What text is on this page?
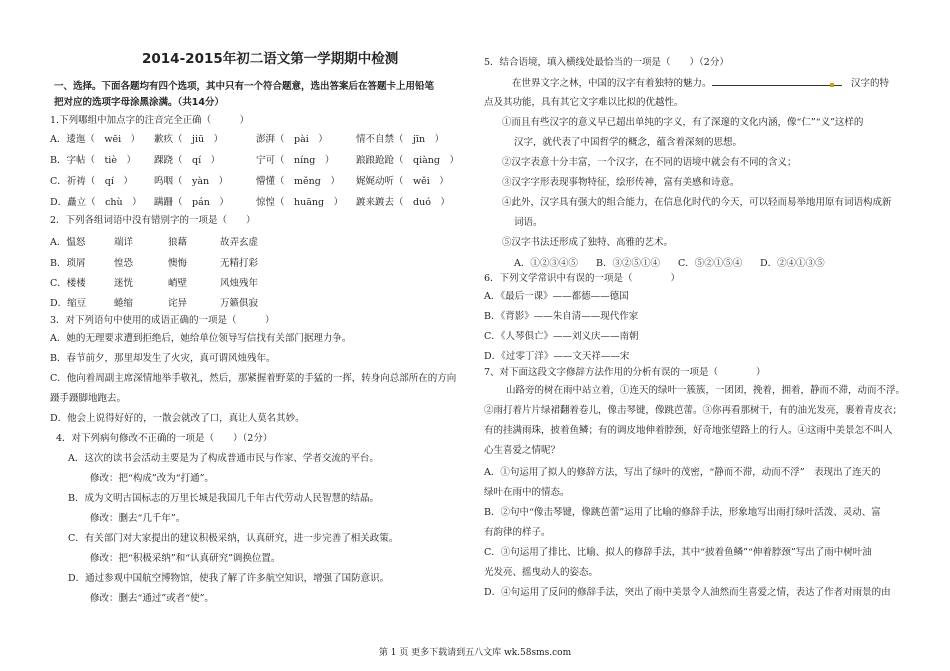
2014-2015年初二语文第一学期期中检测
一、选择。下面各题均有四个选项，其中只有一个符合题意，选出答案后在答题卡上用铅笔
把对应的选项字母涂黑涂满。（共14分）
1.下列哪组中加点字的注音完全正确（　　　）
A．逶迤（　wēi　） 歉疚（　jiū　）	澎湃（　pài　）	情不自禁（　jīn　）
B．字帖（　tiè　） 踝跷（　qí　）	宁可（　níng　） 踉踉跄跄（　qiàng　）
C．祈祷（　qí　） 呜咽（　yàn　）	懵懂（　měng　） 娓娓动听（　wěi　）
D．矗立（　chù　） 蹒跚（　pán　）	惊惶（　huāng　） 踱来踱去（　duó　）
2．下列各组词语中没有错别字的一项是（　　）
A．愠怒	端详	狼藉	故弄玄虚
B．琐屑	惶恐	懊悔	无精打彩
C．楼楼	迷恍	峭壁	风烛残年
D．缩豆	蜷缩	诧异	万籁俱寂
3．对下列语句中使用的成语正确的一项是（　　　）
A．她的无理要求遭到拒绝后，她给单位领导写信找有关部门据理力争。
B．春节前夕，那里却发生了火灾，真可谓风烛残年。
C．他向着周副主席深情地举手敬礼，然后，那紧握着野菜的手猛的一挥，转身向总部所在的方向
蹑手蹑脚地跑去。
D．他会上说得好好的，一散会就改了口，真让人莫名其妙。
4．对下列病句修改不正确的一项是（　　）（2分）
A．这次的读书会活动主要是为了构成普通市民与作家、学者交流的平台。
修改：把“构成”改为“打通”。
B．成为文明古国标志的万里长城是我国几千年古代劳动人民智慧的结晶。
修改：删去“几千年”。
C．有关部门对大家提出的建议积极采纳，认真研究，进一步完善了相关政策。
修改：把“积极采纳”和“认真研究”调换位置。
D．通过参观中国航空博物馆，使我了解了许多航空知识，增强了国防意识。
修改：删去“通过”或者“使”。
5．结合语境，填入横线处最恰当的一项是（　　）（2分）
在世界文字之林，中国的汉字有着独特的魅力。
　	汉字的特
点及其功能，具有其它文字难以比拟的优越性。
①而且有些汉字的意义早已超出单纯的字义，有了深邃的文化内涵，像“仁”“义”这样的
汉字，就代表了中国哲学的概念，蕴含着深刻的思想。
②汉字表意十分丰富，一个汉字，在不同的语境中就会有不同的含义；
③汉字字形表现事物特征，绘形传神，富有美感和诗意。
④此外，汉字具有强大的组合能力，在信息化时代的今天，可以轻而易举地用原有词语构成新
词语。
⑤汉字书法还形成了独特、高雅的艺术。
A．①②③④⑤ B．③②⑤①④ C．⑤②①⑤④ D．②④①③⑤
6．下列文学常识中有误的一项是（　　　　）
A．《最后一课》——都德——德国
B．《背影》——朱自清——现代作家
C．《人琴俱亡》——刘义庆——南朝
D．《过零丁洋》——文天祥——宋
7、对下面这段文字修辞方法作用的分析有误的一项是（　　　　）
山路旁的树在雨中站立着，①连天的绿叶一簇簇，一团团，挽着，拥着，静而不滞，动而不浮。
②雨打着片片绿裙翻着卷儿，像击琴键，像跳芭蕾。③你再看那树干，有的油光发亮，裹着青皮衣；
有的挂满雨珠，披着鱼鳞；有的调皮地伸着脖颈，好奇地张望路上的行人。④这雨中美景怎不叫人
心生喜爱之情呢？
A．①句运用了拟人的修辞方法，写出了绿叶的茂密，“静而不滞，动而不浮”　表现出了连天的
绿叶在雨中的情态。
B．②句中“像击琴键，像跳芭蕾”运用了比喻的修辞手法，形象地写出雨打绿叶活泼、灵动、富
有韵律的样子。
C．③句运用了排比、比喻、拟人的修辞手法，其中“披着鱼鳞”“伸着脖颈”写出了雨中树叶油
光发亮、摇曳动人的姿态。
D．④句运用了反问的修辞手法，突出了雨中美景令人油然而生喜爱之情，表达了作者对雨景的由
第 1 页 更多下载请到五八文库 wk.58sms.com
